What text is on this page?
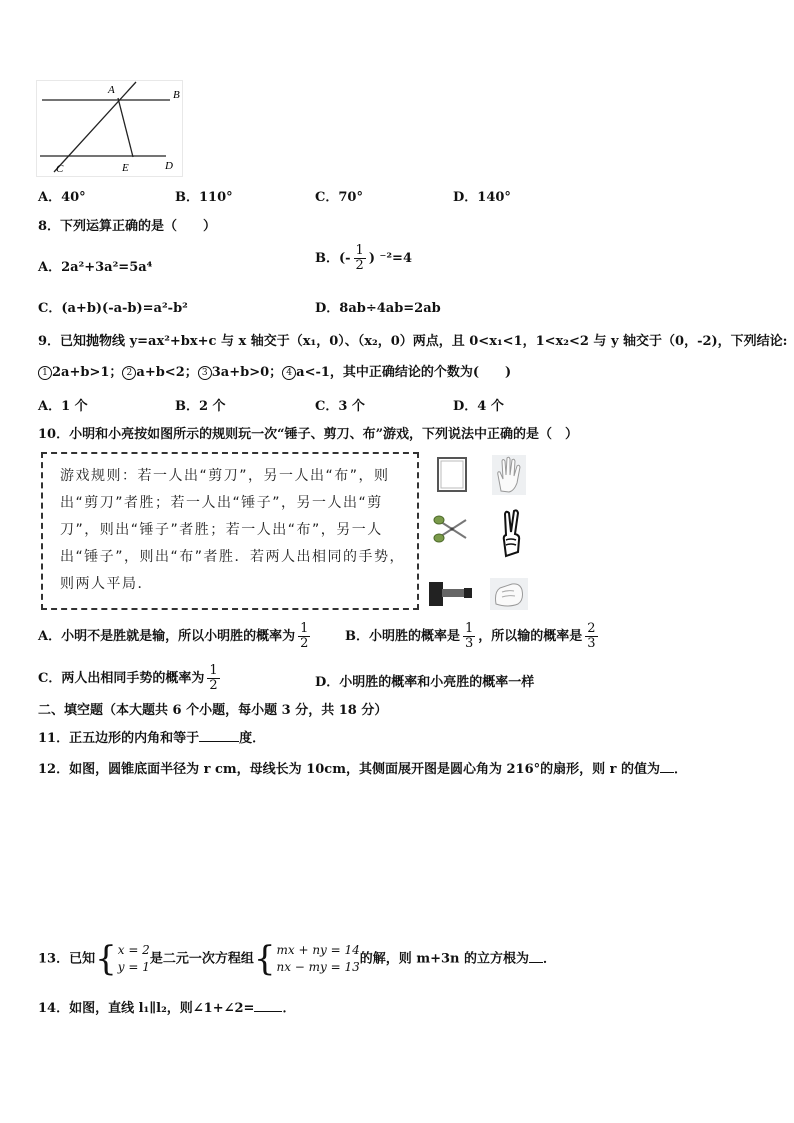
A	B
C	E	D
A．40°	B．110°	C．70°	D．140°
8．下列运算正确的是（　　）
A．2a²+3a²=5a⁴
B．(- $\frac{1}{2}$ ) ⁻²=4
C．(a+b)(-a-b)=a²-b²	D．8ab÷4ab=2ab
9．已知抛物线 y=ax²+bx+c 与 x 轴交于（x₁，0）、（x₂，0）两点，且 0<x₁<1，1<x₂<2 与 y 轴交于（0，-2)，下列结论:
1 2a+b>1； 2 a+b<2； 3 3a+b>0； 4 a<-1，其中正确结论的个数为(　　)
A．1 个	B．2 个	C．3 个	D．4 个
10．小明和小亮按如图所示的规则玩一次“锤子、剪刀、布”游戏，下列说法中正确的是（　）
游戏规则：若一人出“剪刀”，另一人出“布”，则出“剪刀”者胜；若一人出“锤子”，另一人出“剪刀”，则出“锤子”者胜；若一人出“布”，另一人出“锤子”，则出“布”者胜．若两人出相同的手势，则两人平局．
A．小明不是胜就是输，所以小明胜的概率为 $\frac{1}{2}$	B．小明胜的概率是 $\frac{1}{3}$ ，所以输的概率是 $\frac{2}{3}$
C．两人出相同手势的概率为 $\frac{1}{2}$	D．小明胜的概率和小亮胜的概率一样
二、填空题（本大题共 6 个小题，每小题 3 分，共 18 分）
11．正五边形的内角和等于	度．
12．如图，圆锥底面半径为 r cm，母线长为 10cm，其侧面展开图是圆心角为 216°的扇形，则 r 的值为 ．
13．已知 { x = 2
y = 1
是二元一次方程组 { mx + ny = 14
nx − my = 13
的解，则 m+3n 的立方根为 ．
14．如图，直线 l₁∥l₂，则∠1+∠2= ．
